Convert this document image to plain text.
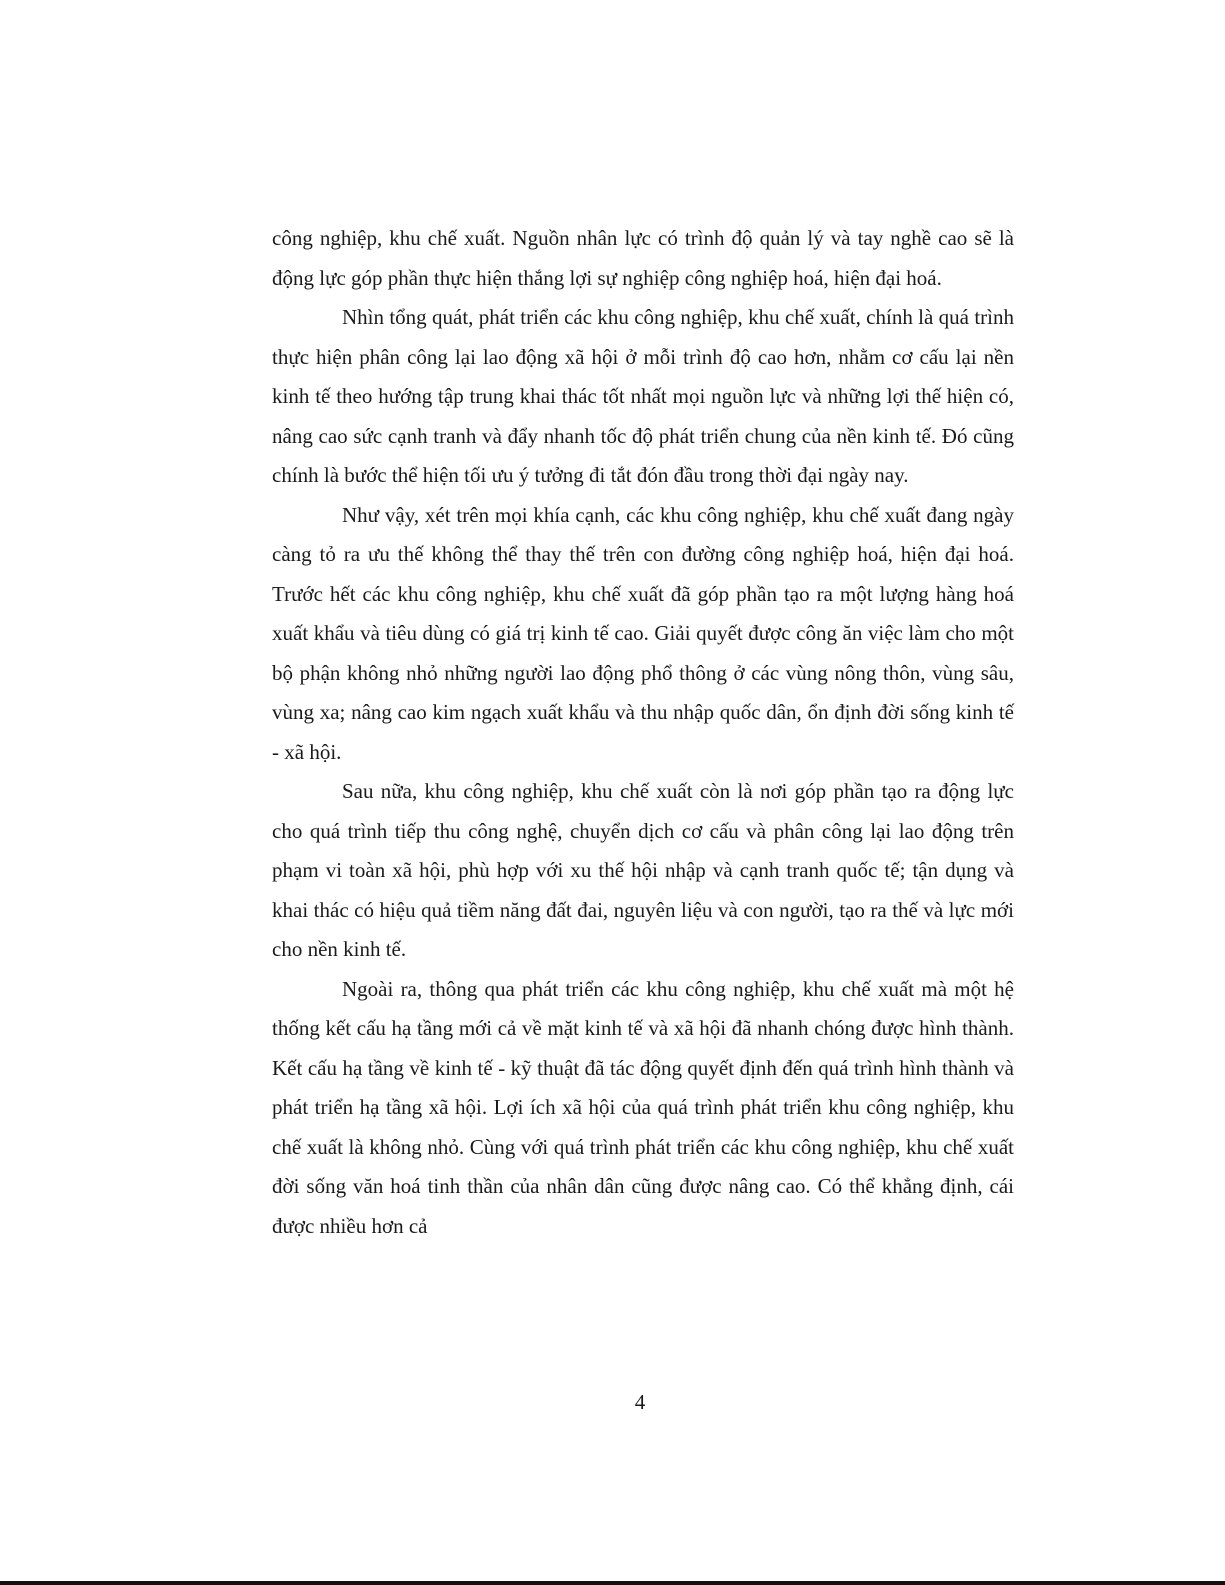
công nghiệp, khu chế xuất. Nguồn nhân lực có trình độ quản lý và tay nghề cao sẽ là động lực góp phần thực hiện thắng lợi sự nghiệp công nghiệp hoá, hiện đại hoá.

Nhìn tổng quát, phát triển các khu công nghiệp, khu chế xuất, chính là quá trình thực hiện phân công lại lao động xã hội ở mỗi trình độ cao hơn, nhằm cơ cấu lại nền kinh tế theo hướng tập trung khai thác tốt nhất mọi nguồn lực và những lợi thế hiện có, nâng cao sức cạnh tranh và đẩy nhanh tốc độ phát triển chung của nền kinh tế. Đó cũng chính là bước thể hiện tối ưu ý tưởng đi tắt đón đầu trong thời đại ngày nay.

Như vậy, xét trên mọi khía cạnh, các khu công nghiệp, khu chế xuất đang ngày càng tỏ ra ưu thế không thể thay thế trên con đường công nghiệp hoá, hiện đại hoá. Trước hết các khu công nghiệp, khu chế xuất đã góp phần tạo ra một lượng hàng hoá xuất khẩu và tiêu dùng có giá trị kinh tế cao. Giải quyết được công ăn việc làm cho một bộ phận không nhỏ những người lao động phổ thông ở các vùng nông thôn, vùng sâu, vùng xa; nâng cao kim ngạch xuất khẩu và thu nhập quốc dân, ổn định đời sống kinh tế - xã hội.

Sau nữa, khu công nghiệp, khu chế xuất còn là nơi góp phần tạo ra động lực cho quá trình tiếp thu công nghệ, chuyển dịch cơ cấu và phân công lại lao động trên phạm vi toàn xã hội, phù hợp với xu thế hội nhập và cạnh tranh quốc tế; tận dụng và khai thác có hiệu quả tiềm năng đất đai, nguyên liệu và con người, tạo ra thế và lực mới cho nền kinh tế.

Ngoài ra, thông qua phát triển các khu công nghiệp, khu chế xuất mà một hệ thống kết cấu hạ tầng mới cả về mặt kinh tế và xã hội đã nhanh chóng được hình thành. Kết cấu hạ tầng về kinh tế - kỹ thuật đã tác động quyết định đến quá trình hình thành và phát triển hạ tầng xã hội. Lợi ích xã hội của quá trình phát triển khu công nghiệp, khu chế xuất là không nhỏ. Cùng với quá trình phát triển các khu công nghiệp, khu chế xuất đời sống văn hoá tinh thần của nhân dân cũng được nâng cao. Có thể khẳng định, cái được nhiều hơn cả

4
